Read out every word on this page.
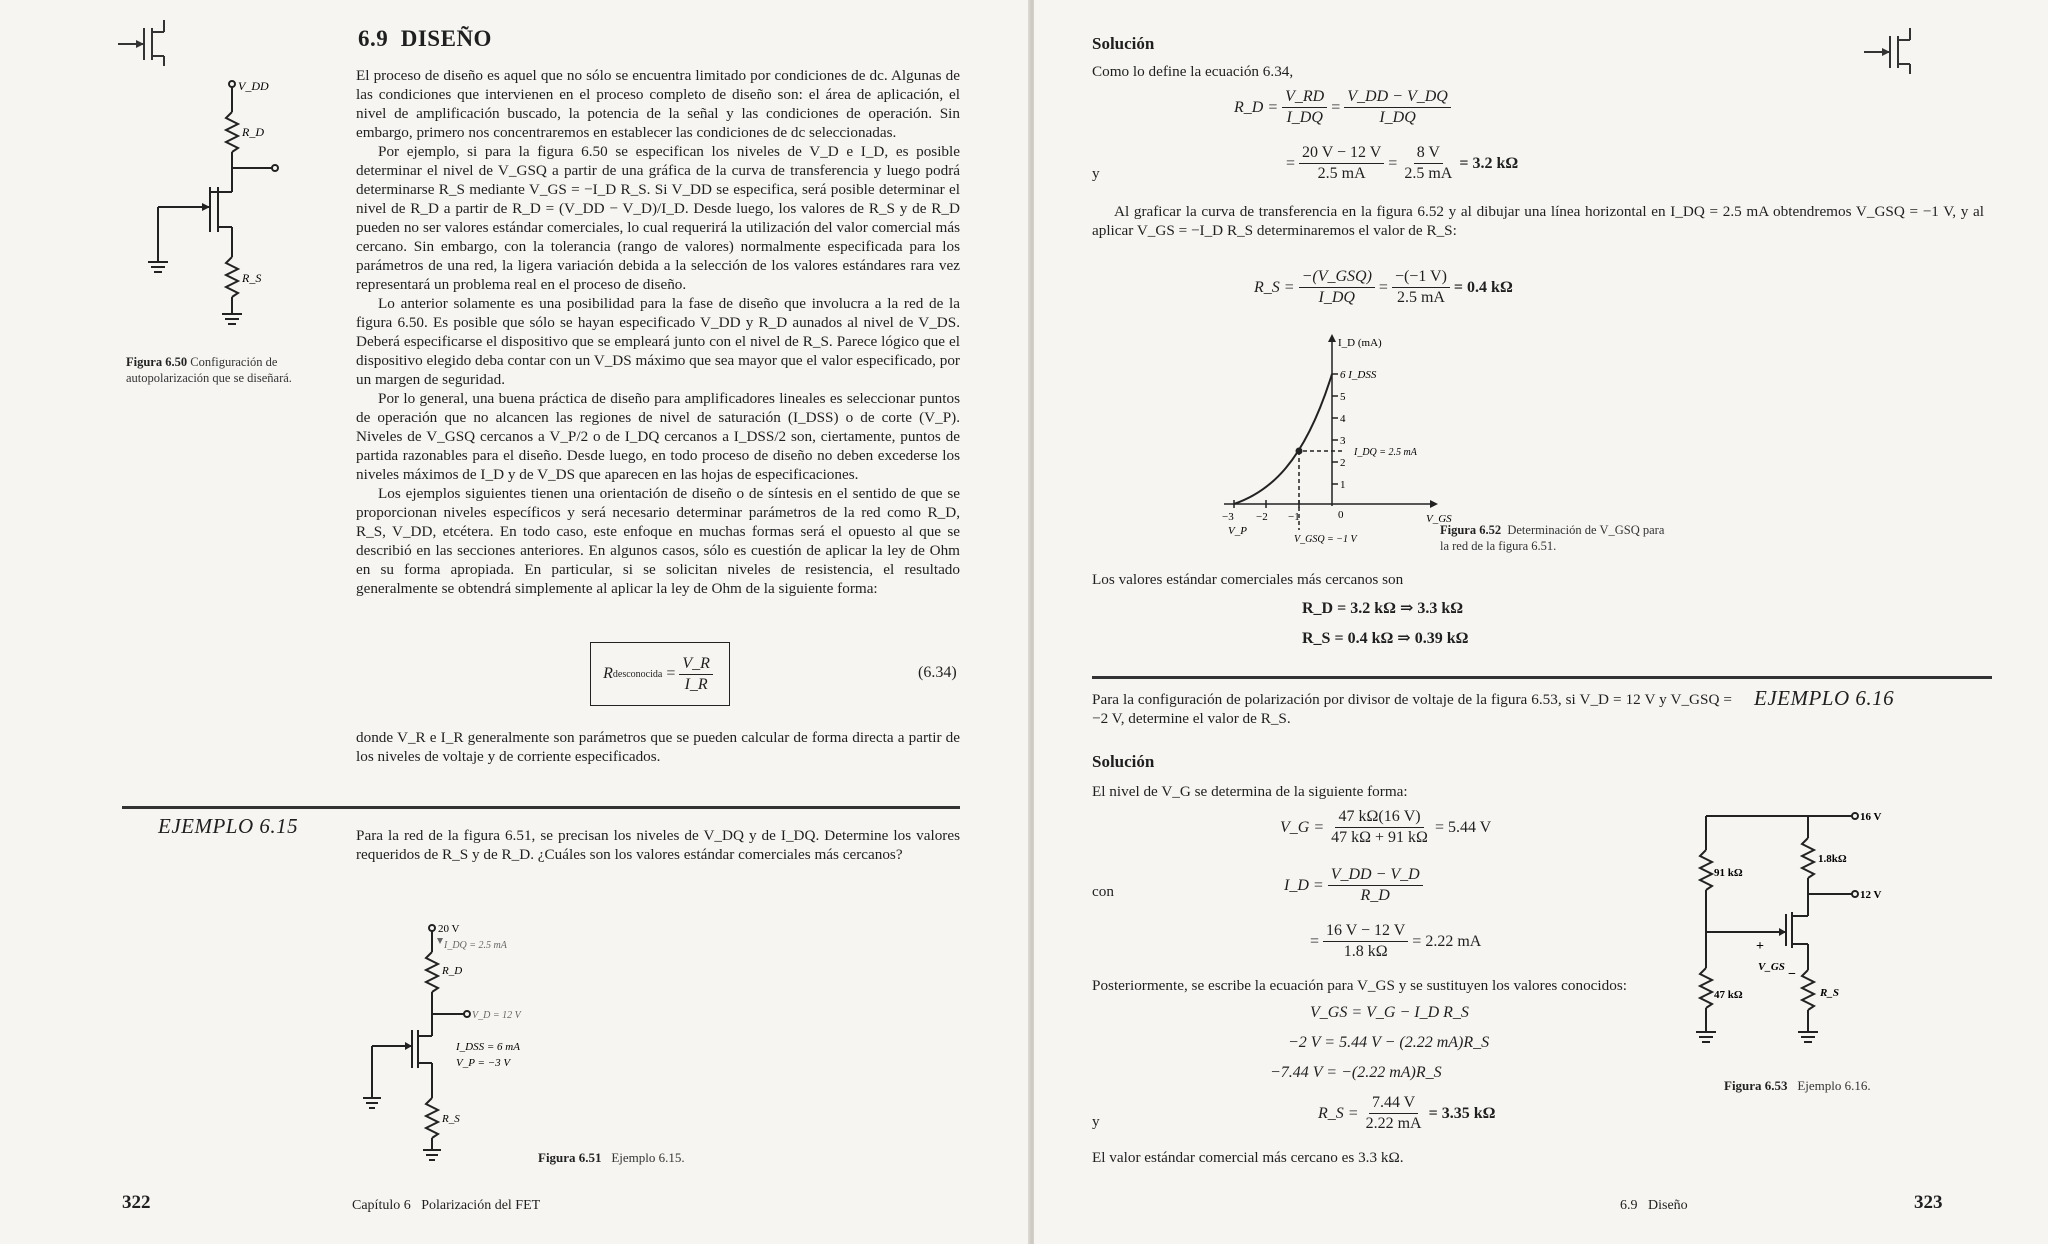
V_DD
R_D
R_S
Figura 6.50 Configuración de autopolarización que se diseñará.
6.9 DISEÑO

El proceso de diseño es aquel que no sólo se encuentra limitado por condiciones de dc. Algunas de las condiciones que intervienen en el proceso completo de diseño son: el área de aplicación, el nivel de amplificación buscado, la potencia de la señal y las condiciones de operación. Sin embargo, primero nos concentraremos en establecer las condiciones de dc seleccionadas.

Por ejemplo, si para la figura 6.50 se especifican los niveles de V_D e I_D, es posible determinar el nivel de V_GSQ a partir de una gráfica de la curva de transferencia y luego podrá determinarse R_S mediante V_GS = −I_D R_S. Si V_DD se especifica, será posible determinar el nivel de R_D a partir de R_D = (V_DD − V_D)/I_D. Desde luego, los valores de R_S y de R_D pueden no ser valores estándar comerciales, lo cual requerirá la utilización del valor comercial más cercano. Sin embargo, con la tolerancia (rango de valores) normalmente especificada para los parámetros de una red, la ligera variación debida a la selección de los valores estándares rara vez representará un problema real en el proceso de diseño.

Lo anterior solamente es una posibilidad para la fase de diseño que involucra a la red de la figura 6.50. Es posible que sólo se hayan especificado V_DD y R_D aunados al nivel de V_DS. Deberá especificarse el dispositivo que se empleará junto con el nivel de R_S. Parece lógico que el dispositivo elegido deba contar con un V_DS máximo que sea mayor que el valor especificado, por un margen de seguridad.

Por lo general, una buena práctica de diseño para amplificadores lineales es seleccionar puntos de operación que no alcancen las regiones de nivel de saturación (I_DSS) o de corte (V_P). Niveles de V_GSQ cercanos a V_P/2 o de I_DQ cercanos a I_DSS/2 son, ciertamente, puntos de partida razonables para el diseño. Desde luego, en todo proceso de diseño no deben excederse los niveles máximos de I_D y de V_DS que aparecen en las hojas de especificaciones.

Los ejemplos siguientes tienen una orientación de diseño o de síntesis en el sentido de que se proporcionan niveles específicos y será necesario determinar parámetros de la red como R_D, R_S, V_DD, etcétera. En todo caso, este enfoque en muchas formas será el opuesto al que se describió en las secciones anteriores. En algunos casos, sólo es cuestión de aplicar la ley de Ohm en su forma apropiada. En particular, si se solicitan niveles de resistencia, el resultado generalmente se obtendrá simplemente al aplicar la ley de Ohm de la siguiente forma:

R desconocida = $\frac{V\_R}{I\_R}$	(6.34)

donde V_R e I_R generalmente son parámetros que se pueden calcular de forma directa a partir de los niveles de voltaje y de corriente especificados.

EJEMPLO 6.15	Para la red de la figura 6.51, se precisan los niveles de V_DQ y de I_DQ. Determine los valores requeridos de R_S y de R_D. ¿Cuáles son los valores estándar comerciales más cercanos?

20 V
I_DQ = 2.5 mA
R_D
V_D = 12 V
I_DSS = 6 mA
V_P = −3 V
R_S
Figura 6.51 Ejemplo 6.15.
322	Capítulo 6   Polarización del FET
Solución
Como lo define la ecuación 6.34,
R_D = $\frac{V\_RD}{I\_DQ} = \frac{V\_DD - V\_DQ}{I\_DQ}$
y
= $\frac{20 V - 12 V}{2.5 mA} = \frac{8 V}{2.5 mA} = 3.2$ kΩ

Al graficar la curva de transferencia en la figura 6.52 y al dibujar una línea horizontal en I_DQ = 2.5 mA obtendremos V_GSQ = −1 V, y al aplicar V_GS = −I_D R_S determinaremos el valor de R_S:

R_S = $\frac{\text{−(V\_GSQ)}}{I\_DQ} = \frac{-(-1 V)}{2.5 mA} = 0.4$ kΩ
I_D (mA)
6 I_DSS
5
4
3
2
1
0
I_DQ = 2.5 mA
−3 −2 −1
V_P
V_GSQ = −1 V
V_GS
Figura 6.52 Determinación de V_GSQ para la red de la figura 6.51.
Los valores estándar comerciales más cercanos son
R_D = 3.2 kΩ ⇒ 3.3 kΩ
R_S = 0.4 kΩ ⇒ 0.39 kΩ
EJEMPLO 6.16

Para la configuración de polarización por divisor de voltaje de la figura 6.53, si V_D = 12 V y V_GSQ = −2 V, determine el valor de R_S.

Solución
El nivel de V_G se determina de la siguiente forma:
V_G = $\frac{47 k\Omega(16 V)}{47 k\Omega + 91 k\Omega} = 5.44$ V
con	I_D = $\frac{V\_DD - V\_D}{R\_D}$
= $\frac{16 V - 12 V}{1.8 k\Omega} = 2.22$ mA
Posteriormente, se escribe la ecuación para V_GS y se sustituyen los valores conocidos:
V_GS = V_G − I_D R_S
−2 V = 5.44 V − (2.22 mA)R_S
−7.44 V = −(2.22 mA)R_S
y	R_S = $\frac{7.44 V}{2.22 mA} = 3.35$ kΩ
El valor estándar comercial más cercano es 3.3 kΩ.
16 V
1.8kΩ
91 kΩ
12 V
+
V_GS −
47 kΩ	R_S
Figura 6.53 Ejemplo 6.16.
6.9   Diseño	323
